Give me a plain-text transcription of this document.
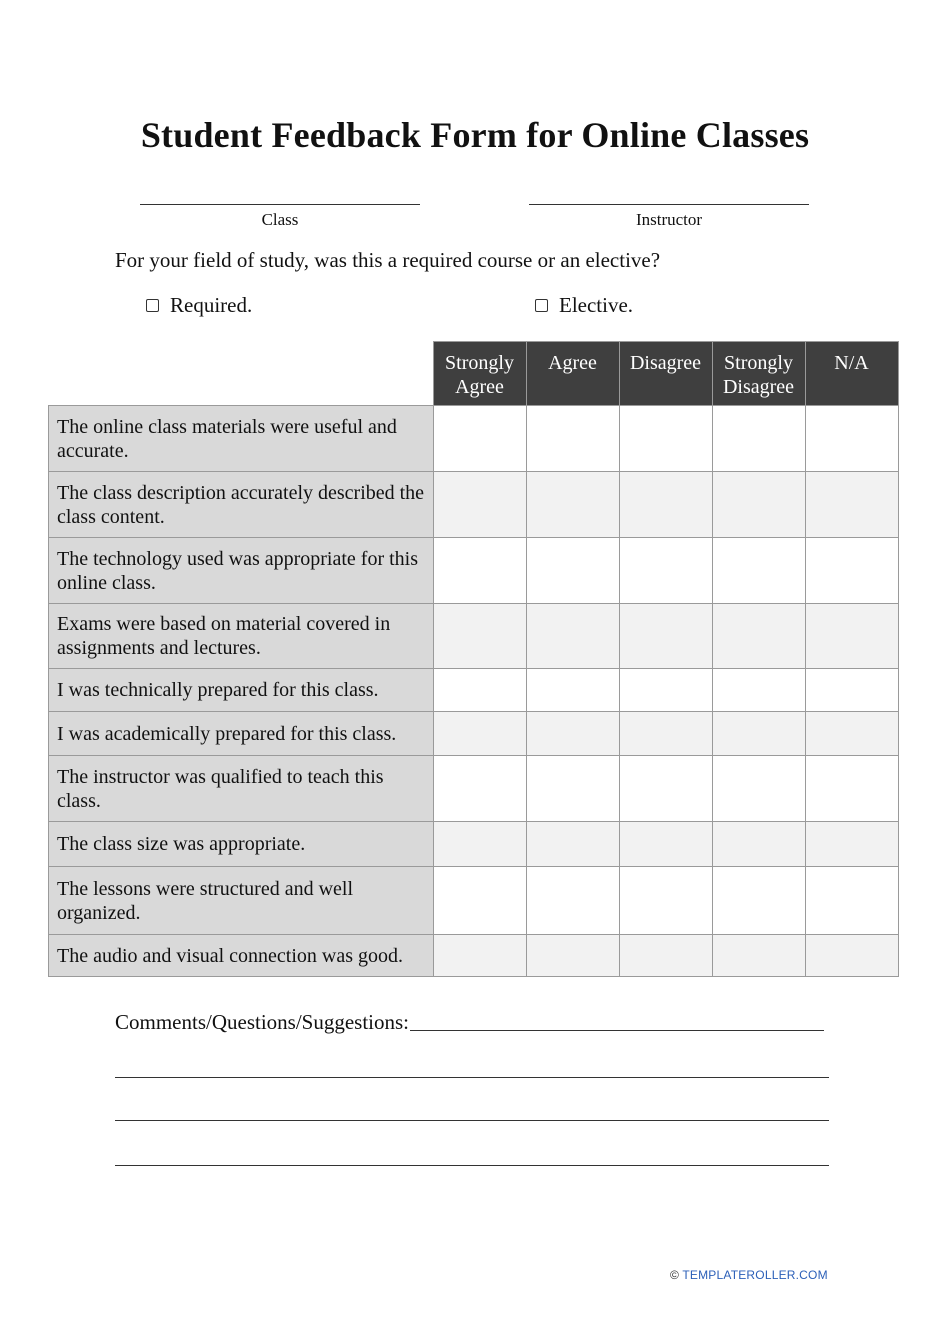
Student Feedback Form for Online Classes
Class	Instructor
For your field of study, was this a required course or an elective?
Required.	Elective.
	Strongly Agree	Agree	Disagree	Strongly Disagree	N/A
The online class materials were useful and accurate.					
The class description accurately described the class content.					
The technology used was appropriate for this online class.					
Exams were based on material covered in assignments and lectures.					
I was technically prepared for this class.					
I was academically prepared for this class.					
The instructor was qualified to teach this class.					
The class size was appropriate.					
The lessons were structured and well organized.					
The audio and visual connection was good.					
Comments/Questions/Suggestions:
© TEMPLATEROLLER.COM
